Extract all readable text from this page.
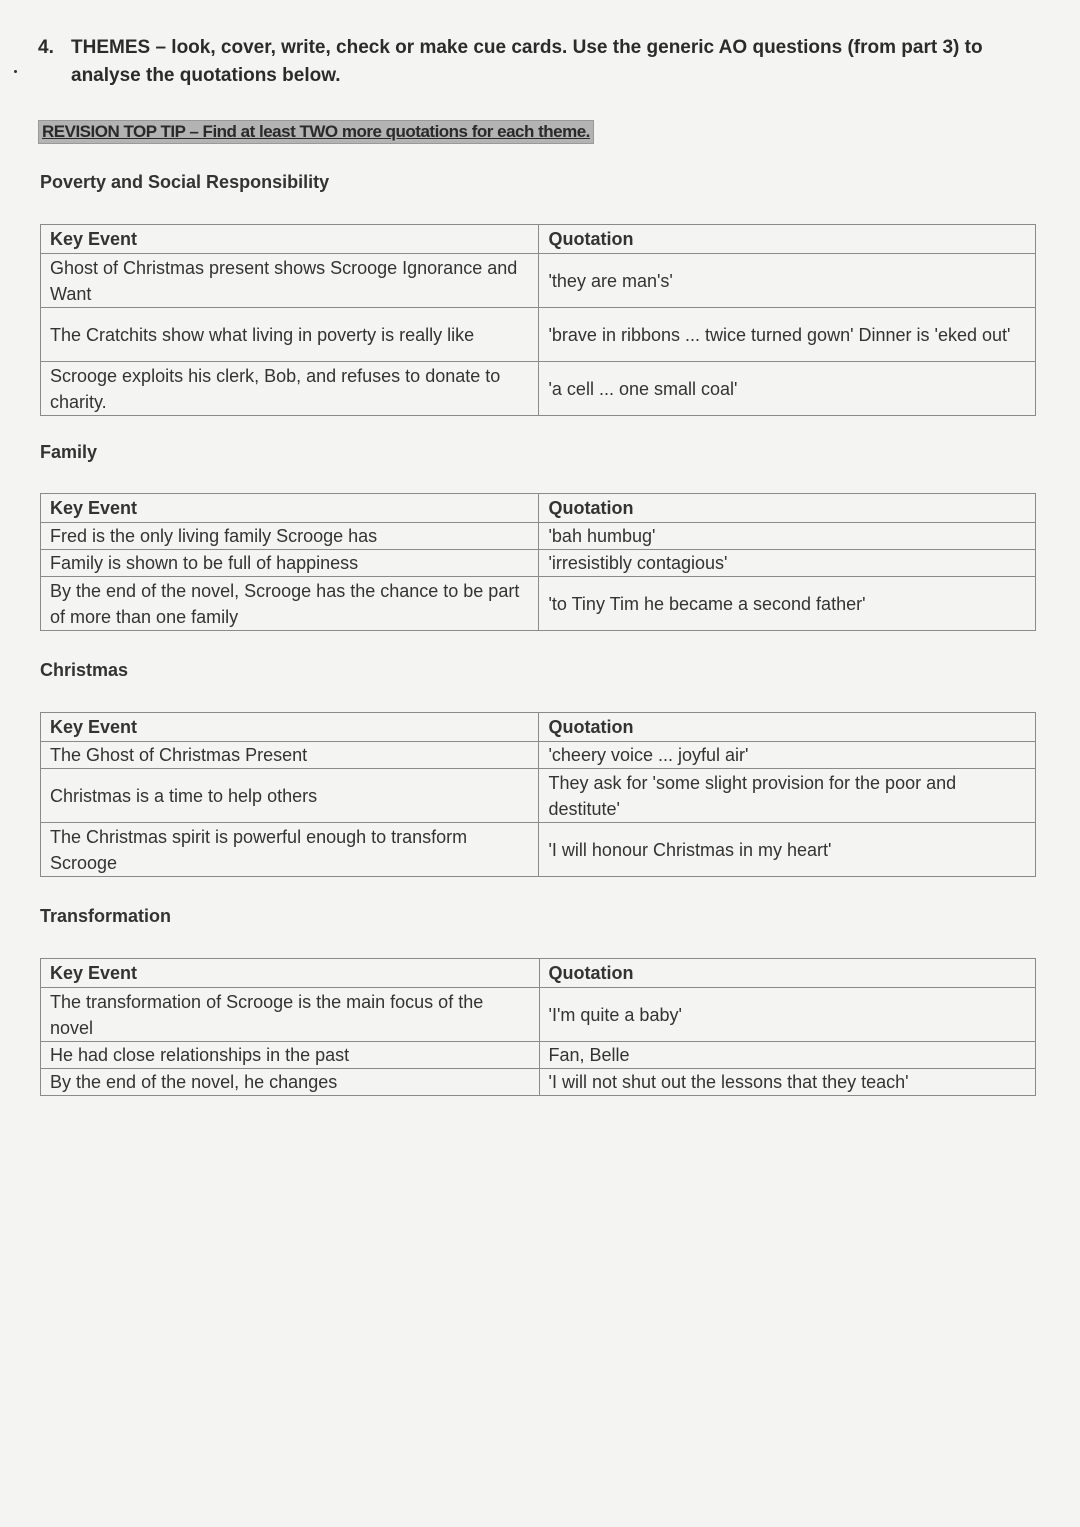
4. THEMES – look, cover, write, check or make cue cards. Use the generic AO questions (from part 3) to
analyse the quotations below.
REVISION TOP TIP – Find at least TWO more quotations for each theme.
Poverty and Social Responsibility
Key Event	Quotation
Ghost of Christmas present shows Scrooge Ignorance and Want	'they are man's'
The Cratchits show what living in poverty is really like	'brave in ribbons ... twice turned gown' Dinner is 'eked out'
Scrooge exploits his clerk, Bob, and refuses to donate to charity.	'a cell ... one small coal'
Family
Key Event	Quotation
Fred is the only living family Scrooge has	'bah humbug'
Family is shown to be full of happiness	'irresistibly contagious'
By the end of the novel, Scrooge has the chance to be part of more than one family	'to Tiny Tim he became a second father'
Christmas
Key Event	Quotation
The Ghost of Christmas Present	'cheery voice ... joyful air'
Christmas is a time to help others	They ask for 'some slight provision for the poor and destitute'
The Christmas spirit is powerful enough to transform Scrooge	'I will honour Christmas in my heart'
Transformation
Key Event	Quotation
The transformation of Scrooge is the main focus of the novel	'I'm quite a baby'
He had close relationships in the past	Fan, Belle
By the end of the novel, he changes	'I will not shut out the lessons that they teach'
